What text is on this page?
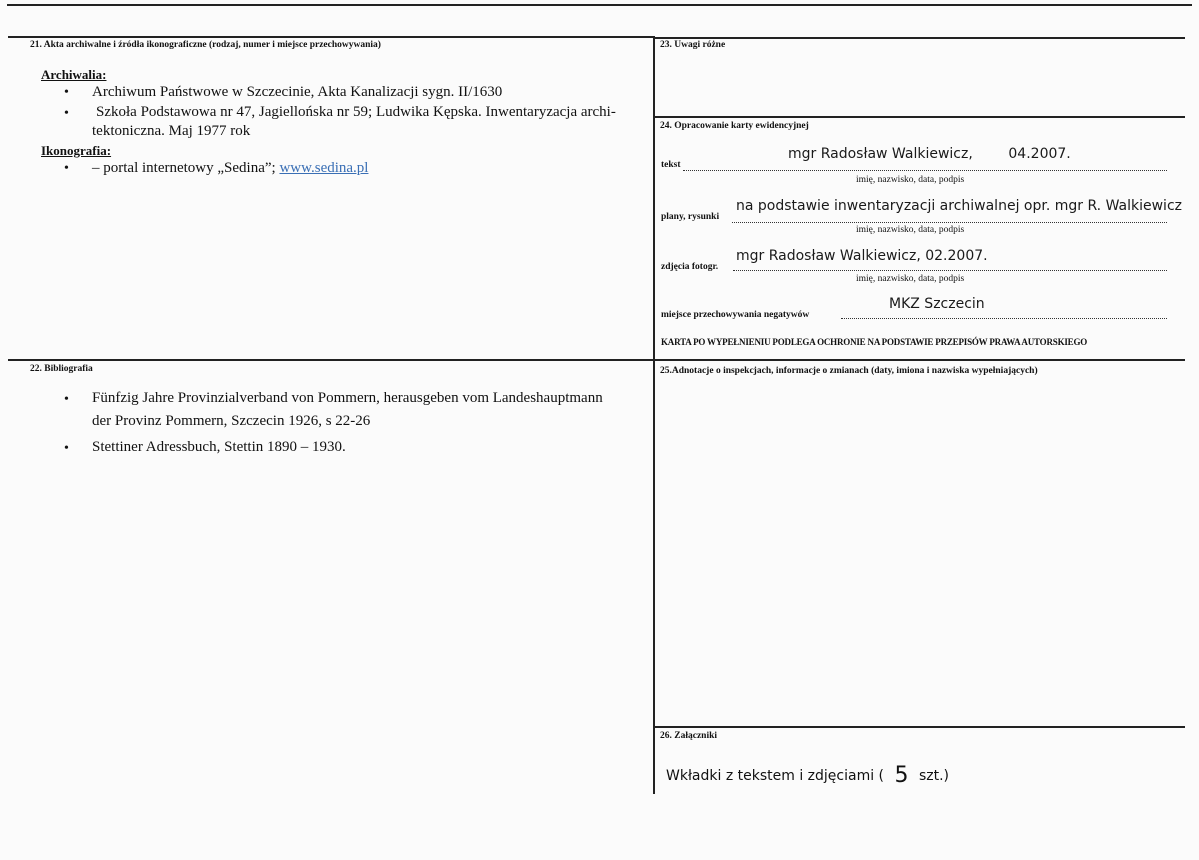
21. Akta archiwalne i źródła ikonograficzne (rodzaj, numer i miejsce przechowywania)
Archiwalia:
• Archiwum Państwowe w Szczecinie, Akta Kanalizacji sygn. II/1630
• Szkoła Podstawowa nr 47, Jagiellońska nr 59; Ludwika Kępska. Inwentaryzacja archi-
tektoniczna. Maj 1977 rok
Ikonografia:
• – portal internetowy „Sedina”; www.sedina.pl
22. Bibliografia
• Fünfzig Jahre Provinzialverband von Pommern, herausgeben vom Landeshauptmann
der Provinz Pommern, Szczecin 1926, s 22-26
• Stettiner Adressbuch, Stettin 1890 – 1930.
23. Uwagi różne
24. Opracowanie karty ewidencyjnej
mgr Radosław Walkiewicz,        04.2007.
tekst
imię, nazwisko, data, podpis
na podstawie inwentaryzacji archiwalnej opr. mgr R. Walkiewicz
plany, rysunki
imię, nazwisko, data, podpis
mgr Radosław Walkiewicz, 02.2007.
zdjęcia fotogr.
imię, nazwisko, data, podpis
MKZ Szczecin
miejsce przechowywania negatywów
KARTA PO WYPEŁNIENIU PODLEGA OCHRONIE NA PODSTAWIE PRZEPISÓW PRAWA AUTORSKIEGO
25.Adnotacje o inspekcjach, informacje o zmianach (daty, imiona i nazwiska wypełniających)
26. Załączniki
Wkładki z tekstem i zdjęciami ( 5 szt.)
